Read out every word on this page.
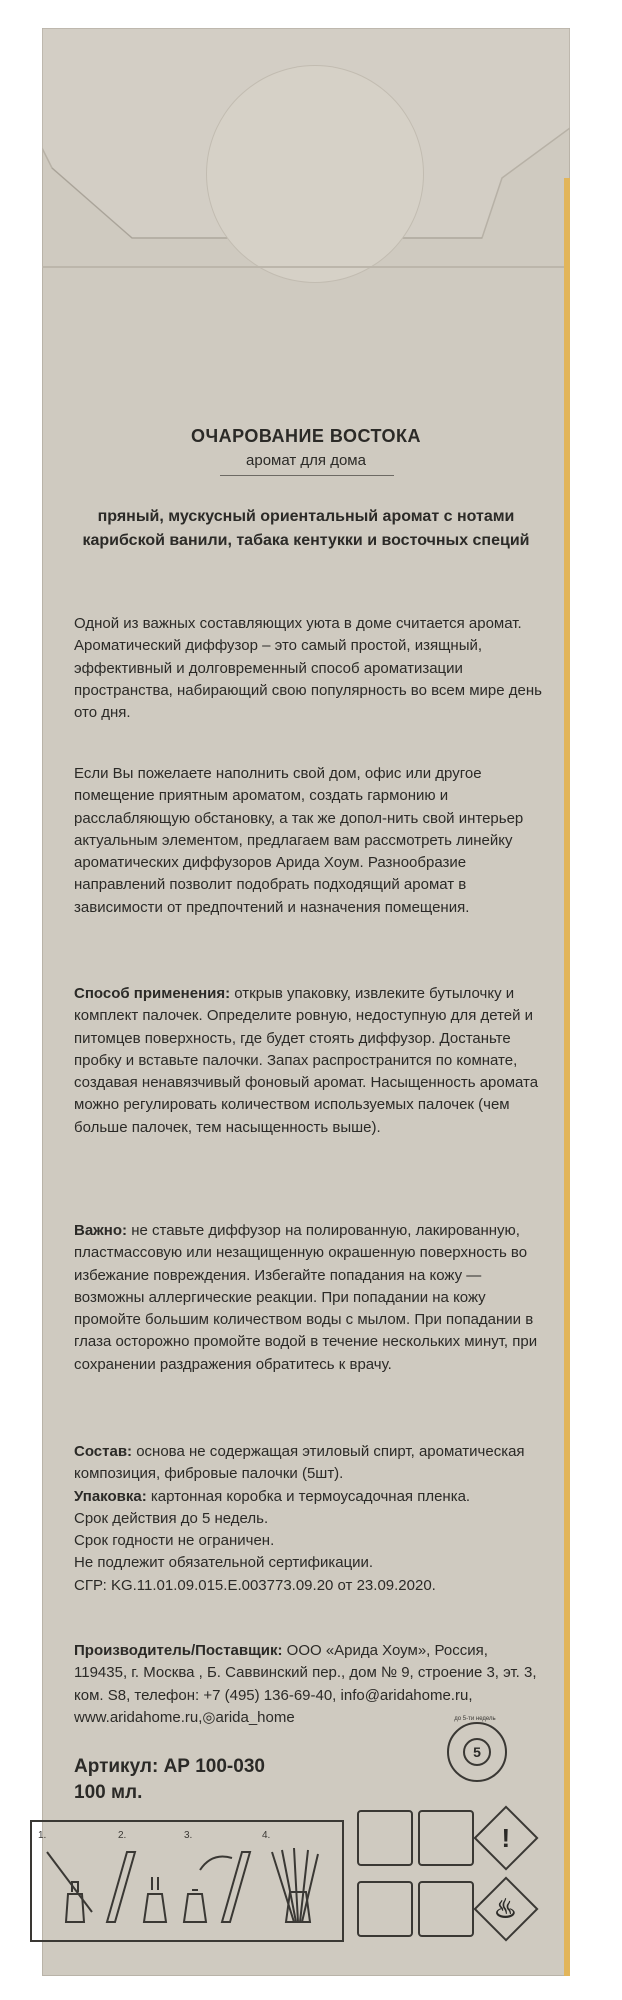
ОЧАРОВАНИЕ ВОСТОКА
аромат для дома
пряный, мускусный ориентальный аромат с нотами карибской ванили, табака кентукки и восточных специй
Одной из важных составляющих уюта в доме считается аромат. Ароматический диффузор – это самый простой, изящный, эффективный и долговременный способ ароматизации пространства, набирающий свою популярность во всем мире день ото дня.
Если Вы пожелаете наполнить свой дом, офис или другое помещение приятным ароматом, создать гармонию и расслабляющую обстановку, а так же допол-нить свой интерьер актуальным элементом, предлагаем вам рассмотреть линейку ароматических диффузоров Арида Хоум. Разнообразие направлений позволит подобрать подходящий аромат в зависимости от предпочтений и назначения помещения.
Способ применения: открыв упаковку, извлеките бутылочку и комплект палочек. Определите ровную, недоступную для детей и питомцев поверхность, где будет стоять диффузор. Достаньте пробку и вставьте палочки. Запах распространится по комнате, создавая ненавязчивый фоновый аромат. Насыщенность аромата можно регулировать количеством используемых палочек (чем больше палочек, тем насыщенность выше).
Важно: не ставьте диффузор на полированную, лакированную, пластмассовую или незащищенную окрашенную поверхность во избежание повреждения. Избегайте попадания на кожу — возможны аллергические реакции. При попадании на кожу промойте большим количеством воды с мылом. При попадании в глаза осторожно промойте водой в течение нескольких минут, при сохранении раздражения обратитесь к врачу.
Состав: основа не содержащая этиловый спирт, ароматическая композиция, фибровые палочки (5шт).
Упаковка: картонная коробка и термоусадочная пленка.
Срок действия до 5 недель.
Срок годности не ограничен.
Не подлежит обязательной сертификации.
СГР: KG.11.01.09.015.Е.003773.09.20 от 23.09.2020.
Производитель/Поставщик: ООО «Арида Хоум», Россия, 119435, г. Москва , Б. Саввинский пер., дом № 9, строение 3, эт. 3, ком. S8, телефон: +7 (495) 136-69-40, info@aridahome.ru, www.aridahome.ru,◎arida_home
Артикул: АР 100-030
100 мл.
до 5-ти недель
5
1.	2.	3.	4.	!
♨
